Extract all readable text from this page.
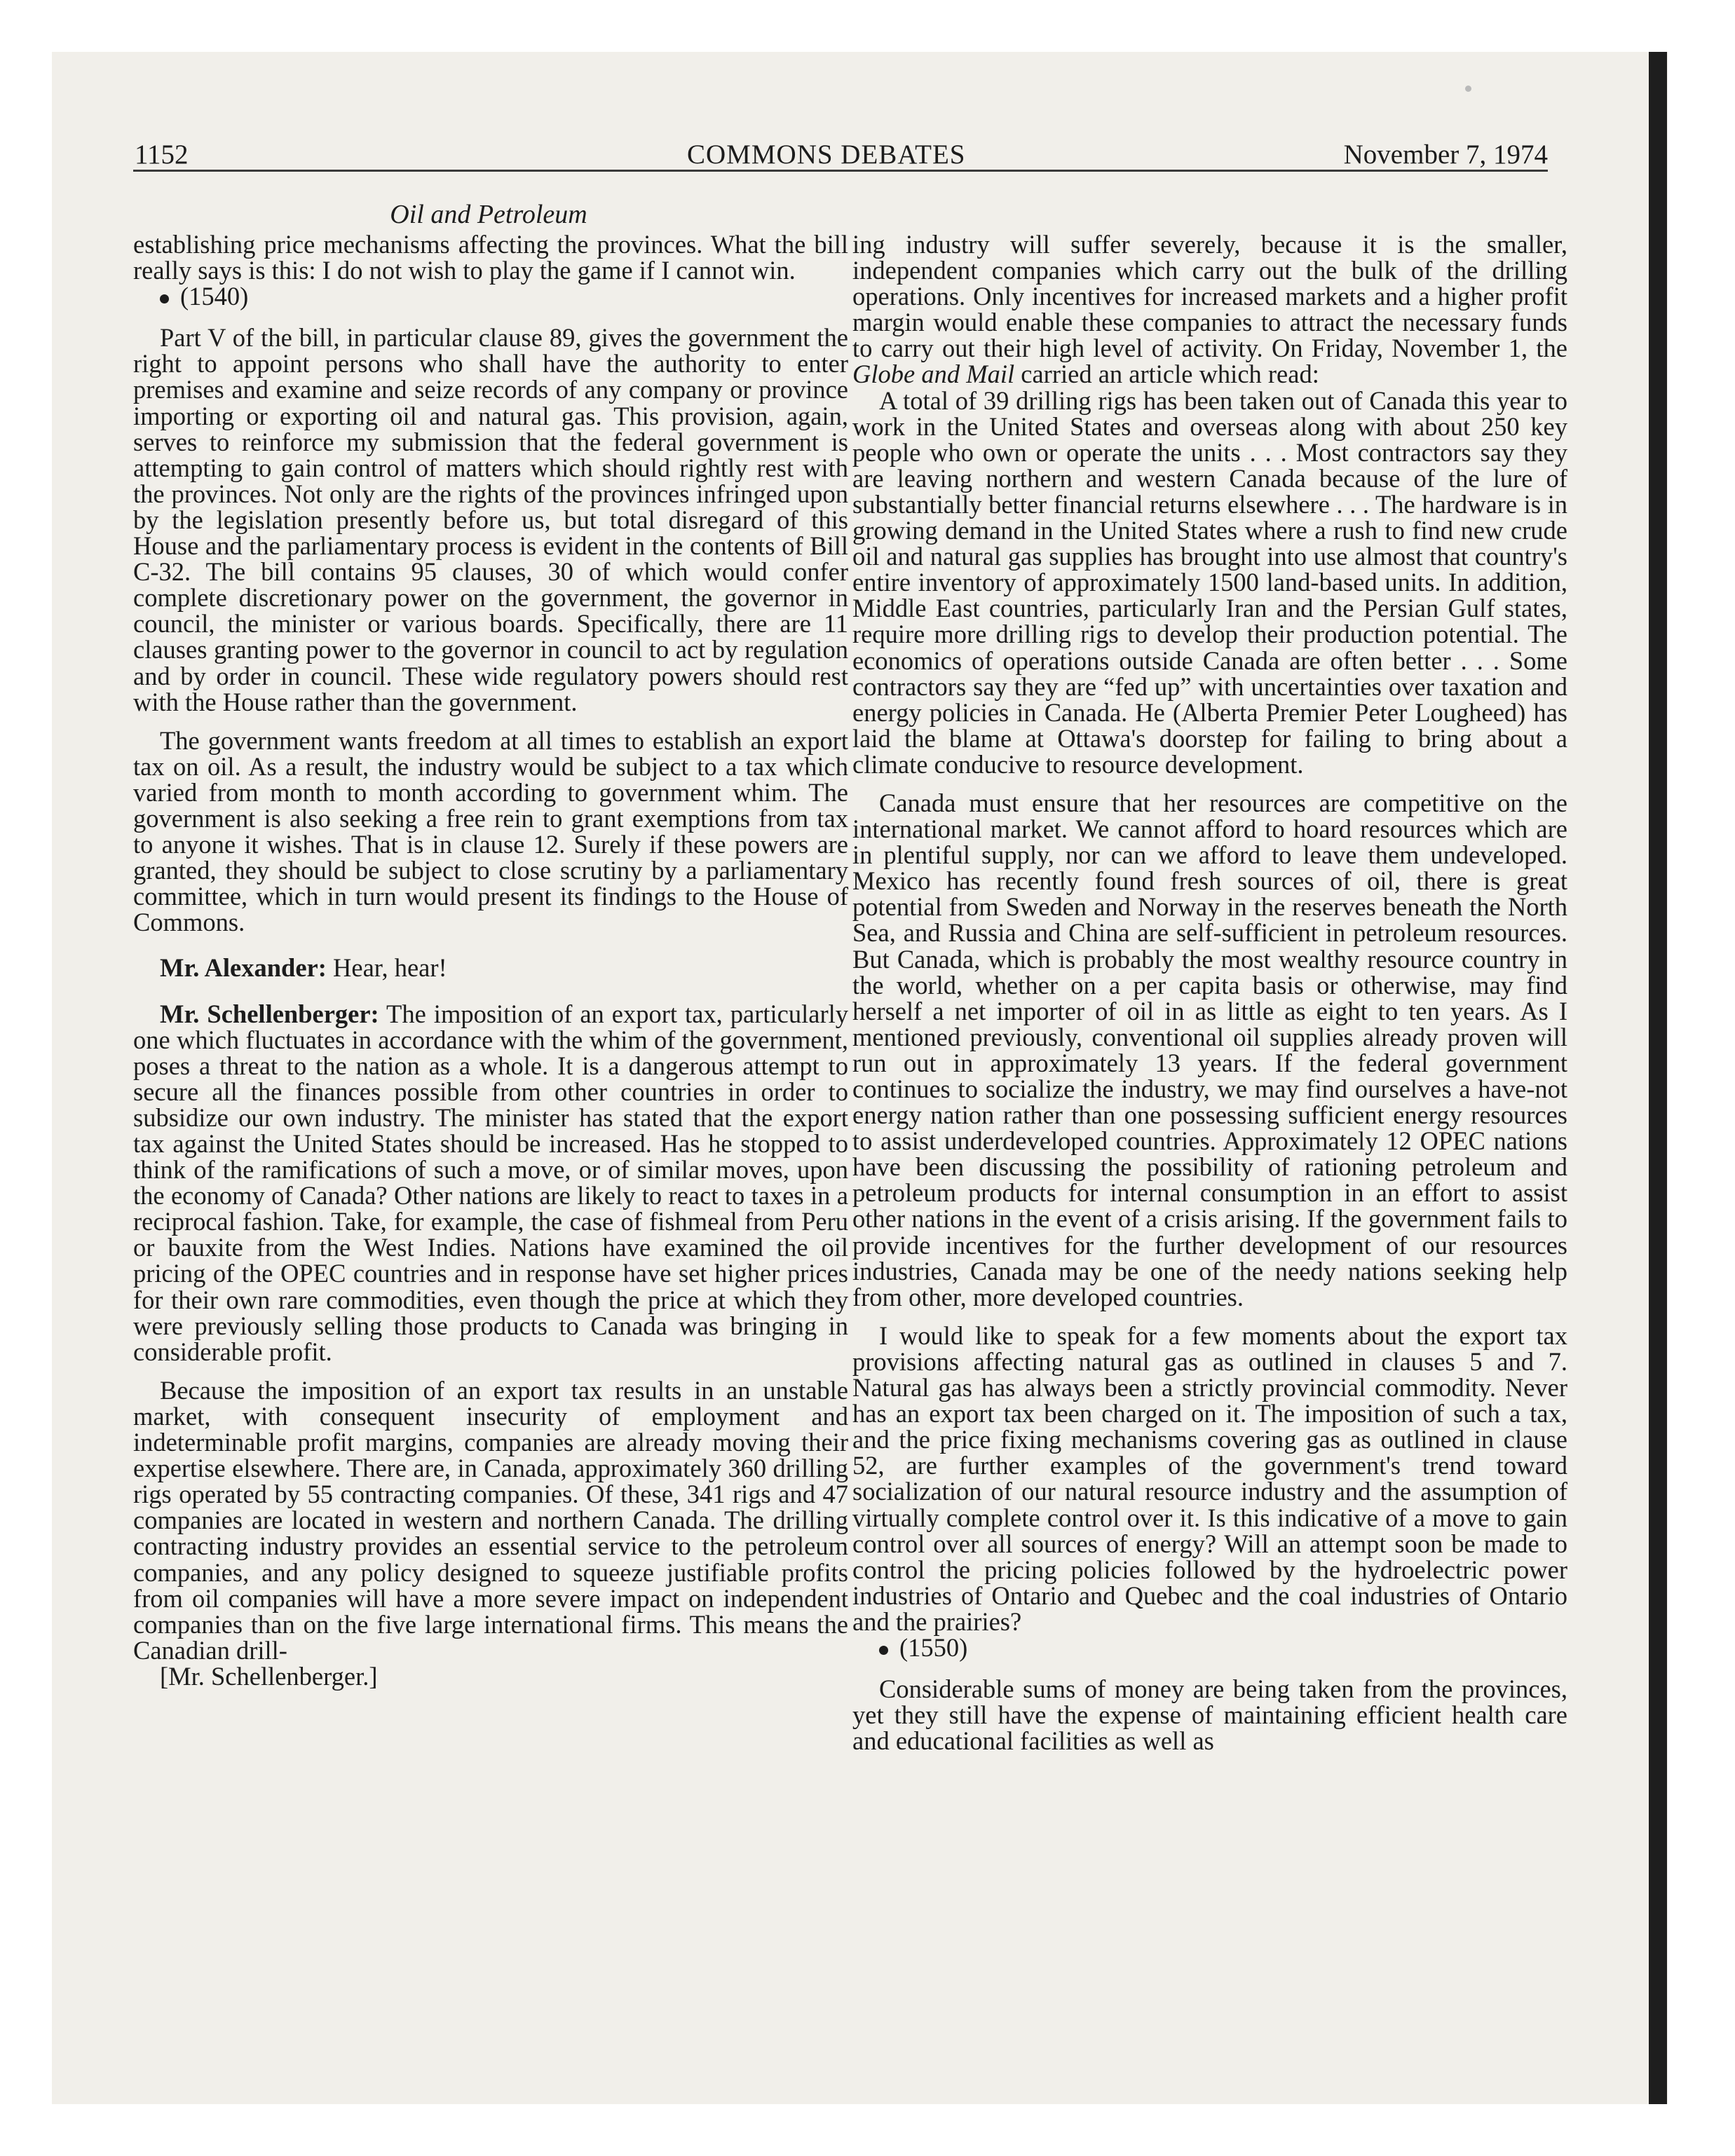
1152	COMMONS DEBATES	November 7, 1974
Oil and Petroleum

establishing price mechanisms affecting the provinces. What the bill really says is this: I do not wish to play the game if I cannot win.

(1540)

Part V of the bill, in particular clause 89, gives the government the right to appoint persons who shall have the authority to enter premises and examine and seize records of any company or province importing or exporting oil and natural gas. This provision, again, serves to reinforce my submission that the federal government is attempting to gain control of matters which should rightly rest with the provinces. Not only are the rights of the provinces infringed upon by the legislation presently before us, but total disregard of this House and the parliamentary process is evident in the contents of Bill C-32. The bill contains 95 clauses, 30 of which would confer complete discretionary power on the government, the governor in council, the minister or various boards. Specifically, there are 11 clauses granting power to the governor in council to act by regulation and by order in council. These wide regulatory powers should rest with the House rather than the government.

The government wants freedom at all times to establish an export tax on oil. As a result, the industry would be subject to a tax which varied from month to month according to government whim. The government is also seeking a free rein to grant exemptions from tax to anyone it wishes. That is in clause 12. Surely if these powers are granted, they should be subject to close scrutiny by a parliamentary committee, which in turn would present its findings to the House of Commons.

Mr. Alexander: Hear, hear!

Mr. Schellenberger: The imposition of an export tax, particularly one which fluctuates in accordance with the whim of the government, poses a threat to the nation as a whole. It is a dangerous attempt to secure all the finances possible from other countries in order to subsidize our own industry. The minister has stated that the export tax against the United States should be increased. Has he stopped to think of the ramifications of such a move, or of similar moves, upon the economy of Canada? Other nations are likely to react to taxes in a reciprocal fashion. Take, for example, the case of fishmeal from Peru or bauxite from the West Indies. Nations have examined the oil pricing of the OPEC countries and in response have set higher prices for their own rare commodities, even though the price at which they were previously selling those products to Canada was bringing in considerable profit.

Because the imposition of an export tax results in an unstable market, with consequent insecurity of employment and indeterminable profit margins, companies are already moving their expertise elsewhere. There are, in Canada, approximately 360 drilling rigs operated by 55 contracting companies. Of these, 341 rigs and 47 companies are located in western and northern Canada. The drilling contracting industry provides an essential service to the petroleum companies, and any policy designed to squeeze justifiable profits from oil companies will have a more severe impact on independent companies than on the five large international firms. This means the Canadian drill-

[Mr. Schellenberger.]

ing industry will suffer severely, because it is the smaller, independent companies which carry out the bulk of the drilling operations. Only incentives for increased markets and a higher profit margin would enable these companies to attract the necessary funds to carry out their high level of activity. On Friday, November 1, the Globe and Mail carried an article which read:

A total of 39 drilling rigs has been taken out of Canada this year to work in the United States and overseas along with about 250 key people who own or operate the units . . . Most contractors say they are leaving northern and western Canada because of the lure of substantially better financial returns elsewhere . . . The hardware is in growing demand in the United States where a rush to find new crude oil and natural gas supplies has brought into use almost that country's entire inventory of approximately 1500 land-based units. In addition, Middle East countries, particularly Iran and the Persian Gulf states, require more drilling rigs to develop their production potential. The economics of operations outside Canada are often better . . . Some contractors say they are “fed up” with uncertainties over taxation and energy policies in Canada. He (Alberta Premier Peter Lougheed) has laid the blame at Ottawa's doorstep for failing to bring about a climate conducive to resource development.

Canada must ensure that her resources are competitive on the international market. We cannot afford to hoard resources which are in plentiful supply, nor can we afford to leave them undeveloped. Mexico has recently found fresh sources of oil, there is great potential from Sweden and Norway in the reserves beneath the North Sea, and Russia and China are self-sufficient in petroleum resources. But Canada, which is probably the most wealthy resource country in the world, whether on a per capita basis or otherwise, may find herself a net importer of oil in as little as eight to ten years. As I mentioned previously, conventional oil supplies already proven will run out in approximately 13 years. If the federal government continues to socialize the industry, we may find ourselves a have-not energy nation rather than one possessing sufficient energy resources to assist underdeveloped countries. Approximately 12 OPEC nations have been discussing the possibility of rationing petroleum and petroleum products for internal consumption in an effort to assist other nations in the event of a crisis arising. If the government fails to provide incentives for the further development of our resources industries, Canada may be one of the needy nations seeking help from other, more developed countries.

I would like to speak for a few moments about the export tax provisions affecting natural gas as outlined in clauses 5 and 7. Natural gas has always been a strictly provincial commodity. Never has an export tax been charged on it. The imposition of such a tax, and the price fixing mechanisms covering gas as outlined in clause 52, are further examples of the government's trend toward socialization of our natural resource industry and the assumption of virtually complete control over it. Is this indicative of a move to gain control over all sources of energy? Will an attempt soon be made to control the pricing policies followed by the hydroelectric power industries of Ontario and Quebec and the coal industries of Ontario and the prairies?

(1550)

Considerable sums of money are being taken from the provinces, yet they still have the expense of maintaining efficient health care and educational facilities as well as
